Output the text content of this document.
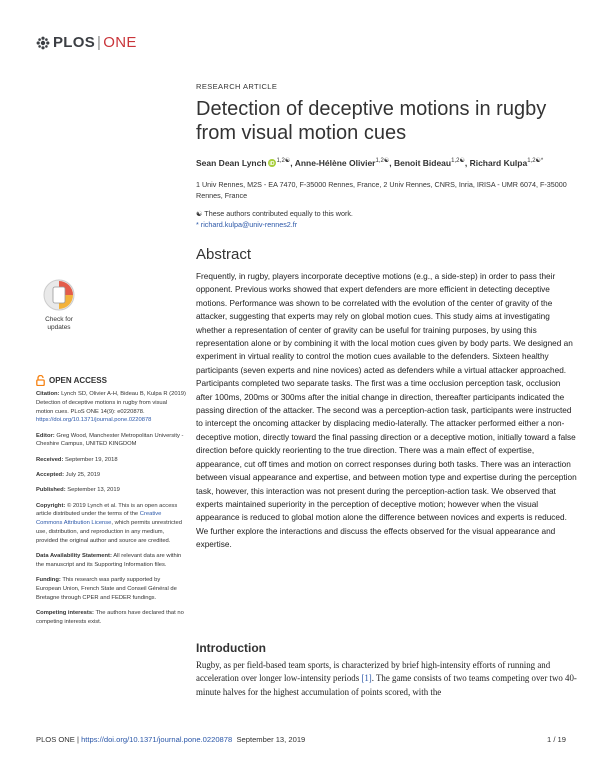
PLOS | ONE
RESEARCH ARTICLE
Detection of deceptive motions in rugby from visual motion cues
Sean Dean Lynch iD $^{1,2☯}$, Anne-Hélène Olivier$^{1,2☯}$, Benoit Bideau$^{1,2☯}$, Richard Kulpa$^{1,2☯*}$
1 Univ Rennes, M2S - EA 7470, F-35000 Rennes, France, 2 Univ Rennes, CNRS, Inria, IRISA - UMR 6074, F-35000 Rennes, France
☯ These authors contributed equally to this work.
* richard.kulpa@univ-rennes2.fr
Check for
updates
OPEN ACCESS

Citation: Lynch SD, Olivier A-H, Bideau B, Kulpa R (2019) Detection of deceptive motions in rugby from visual motion cues. PLoS ONE 14(9): e0220878. https://doi.org/10.1371/journal.pone.0220878

Editor: Greg Wood, Manchester Metropolitan University - Cheshire Campus, UNITED KINGDOM

Received: September 19, 2018

Accepted: July 25, 2019

Published: September 13, 2019

Copyright: © 2019 Lynch et al. This is an open access article distributed under the terms of the Creative Commons Attribution License, which permits unrestricted use, distribution, and reproduction in any medium, provided the original author and source are credited.

Data Availability Statement: All relevant data are within the manuscript and its Supporting Information files.

Funding: This research was partly supported by European Union, French State and Conseil Général de Bretagne through CPER and FEDER fundings.

Competing interests: The authors have declared that no competing interests exist.

Abstract
Frequently, in rugby, players incorporate deceptive motions (e.g., a side-step) in order to pass their opponent. Previous works showed that expert defenders are more efficient in detecting deceptive motions. Performance was shown to be correlated with the evolution of the center of gravity of the attacker, suggesting that experts may rely on global motion cues. This study aims at investigating whether a representation of center of gravity can be useful for training purposes, by using this representation alone or by combining it with the local motion cues given by body parts. We designed an experiment in virtual reality to control the motion cues available to the defenders. Sixteen healthy participants (seven experts and nine novices) acted as defenders while a virtual attacker approached. Participants completed two separate tasks. The first was a time occlusion perception task, occlusion after 100ms, 200ms or 300ms after the initial change in direction, thereafter participants indicated the passing direction of the attacker. The second was a perception-action task, participants were instructed to intercept the oncoming attacker by displacing medio-laterally. The attacker performed either a non-deceptive motion, directly toward the final passing direction or a deceptive motion, initially toward a false direction before quickly reorienting to the true direction. There was a main effect of expertise, appearance, cut off times and motion on correct responses during both tasks. There was an interaction between visual appearance and expertise, and between motion type and expertise during the perception task, however, this interaction was not present during the perception-action task. We observed that experts maintained superiority in the perception of deceptive motion; however when the visual appearance is reduced to global motion alone the difference between novices and experts is reduced. We further explore the interactions and discuss the effects observed for the visual appearance and expertise.
Introduction
Rugby, as per field-based team sports, is characterized by brief high-intensity efforts of running and acceleration over longer low-intensity periods [1]. The game consists of two teams competing over two 40-minute halves for the highest accumulation of points scored, with the
PLOS ONE | https://doi.org/10.1371/journal.pone.0220878 September 13, 2019	1 / 19
